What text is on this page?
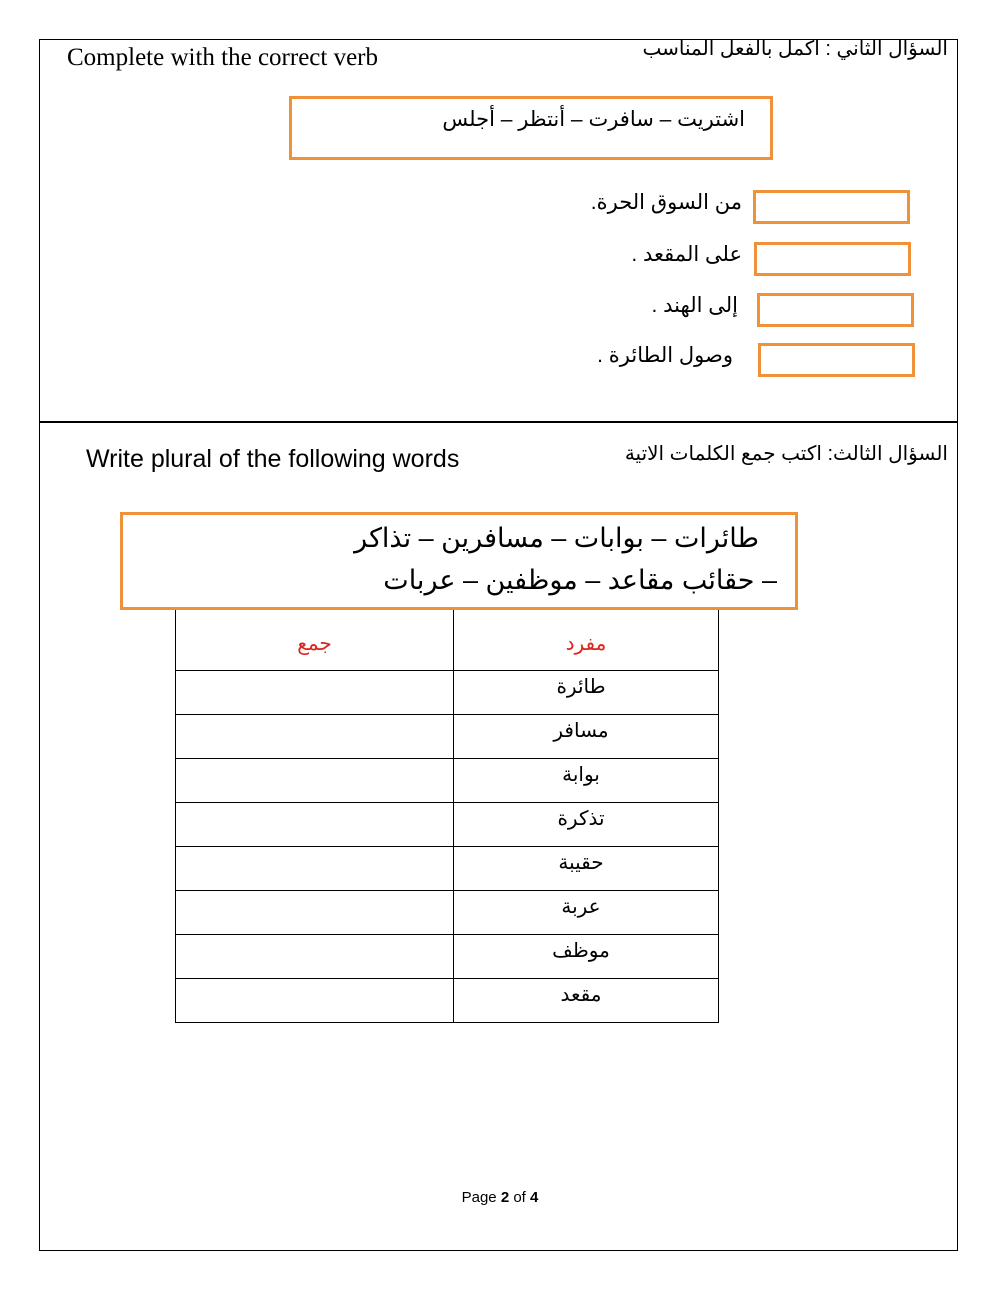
Complete with the correct verb	السؤال الثاني : اكمل بالفعل المناسب
اشتريت – سافرت – أنتظر – أجلس
من السوق الحرة.
على المقعد .
إلى الهند .
وصول الطائرة .
Write plural of the following words	السؤال الثالث: اكتب جمع الكلمات الاتية
طائرات – بوابات – مسافرين – تذاكر
– حقائب مقاعد – موظفين – عربات
جمع	مفرد
	طائرة
	مسافر
	بوابة
	تذكرة
	حقيبة
	عربة
	موظف
	مقعد
Page 2 of 4
